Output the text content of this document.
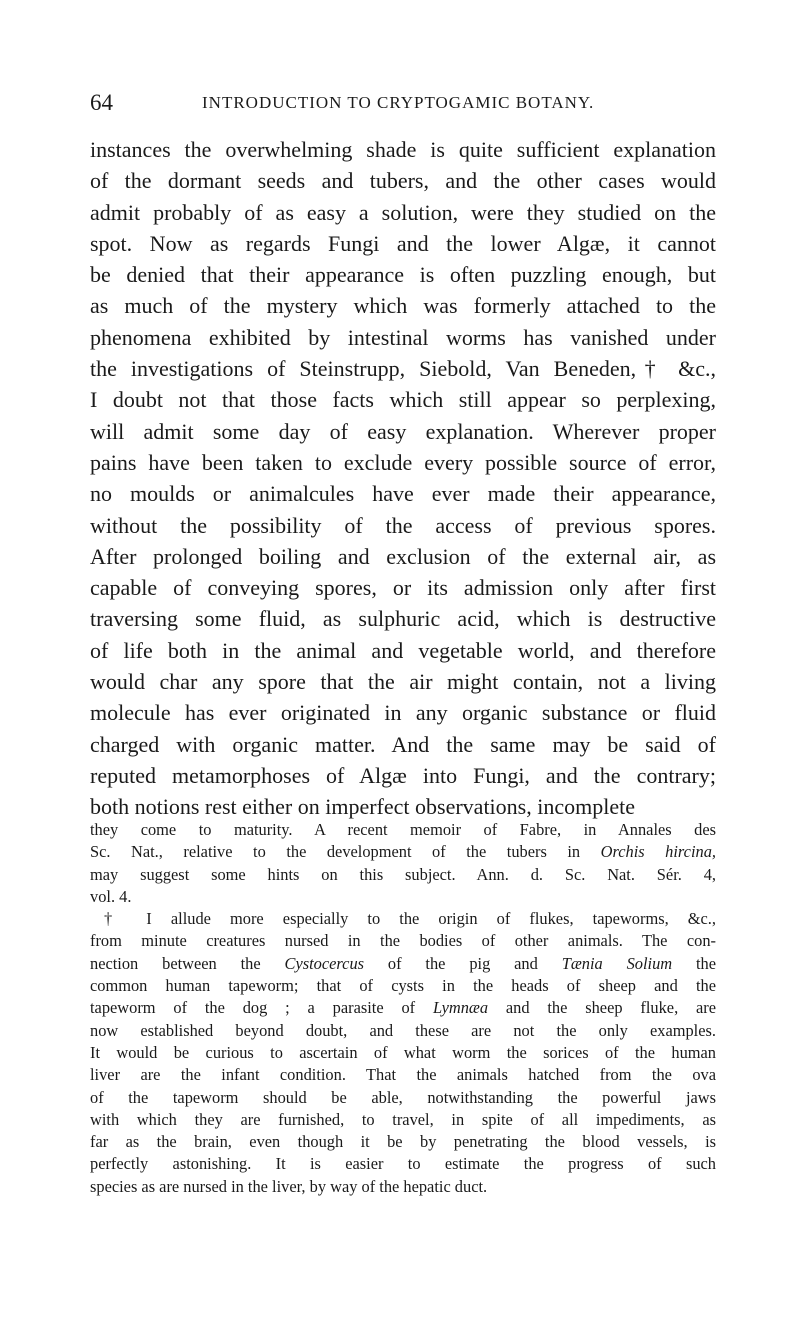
64	INTRODUCTION TO CRYPTOGAMIC BOTANY.
instances the overwhelming shade is quite sufficient explanation
of the dormant seeds and tubers, and the other cases would
admit probably of as easy a solution, were they studied on the
spot. Now as regards Fungi and the lower Algæ, it cannot
be denied that their appearance is often puzzling enough, but
as much of the mystery which was formerly attached to the
phenomena exhibited by intestinal worms has vanished under
the investigations of Steinstrupp, Siebold, Van Beneden,† &c.,
I doubt not that those facts which still appear so perplexing,
will admit some day of easy explanation. Wherever proper
pains have been taken to exclude every possible source of error,
no moulds or animalcules have ever made their appearance,
without the possibility of the access of previous spores.
After prolonged boiling and exclusion of the external air, as
capable of conveying spores, or its admission only after first
traversing some fluid, as sulphuric acid, which is destructive
of life both in the animal and vegetable world, and therefore
would char any spore that the air might contain, not a living
molecule has ever originated in any organic substance or fluid
charged with organic matter. And the same may be said of
reputed metamorphoses of Algæ into Fungi, and the contrary;
both notions rest either on imperfect observations, incomplete
they come to maturity. A recent memoir of Fabre, in Annales des
Sc. Nat., relative to the development of the tubers in Orchis hircina,
may suggest some hints on this subject. Ann. d. Sc. Nat. Sér. 4,
vol. 4.
† I allude more especially to the origin of flukes, tapeworms, &c.,
from minute creatures nursed in the bodies of other animals. The con-
nection between the Cystocercus of the pig and Tænia Solium the
common human tapeworm; that of cysts in the heads of sheep and the
tapeworm of the dog ; a parasite of Lymnæa and the sheep fluke, are
now established beyond doubt, and these are not the only examples.
It would be curious to ascertain of what worm the sorices of the human
liver are the infant condition. That the animals hatched from the ova
of the tapeworm should be able, notwithstanding the powerful jaws
with which they are furnished, to travel, in spite of all impediments, as
far as the brain, even though it be by penetrating the blood vessels, is
perfectly astonishing. It is easier to estimate the progress of such
species as are nursed in the liver, by way of the hepatic duct.
